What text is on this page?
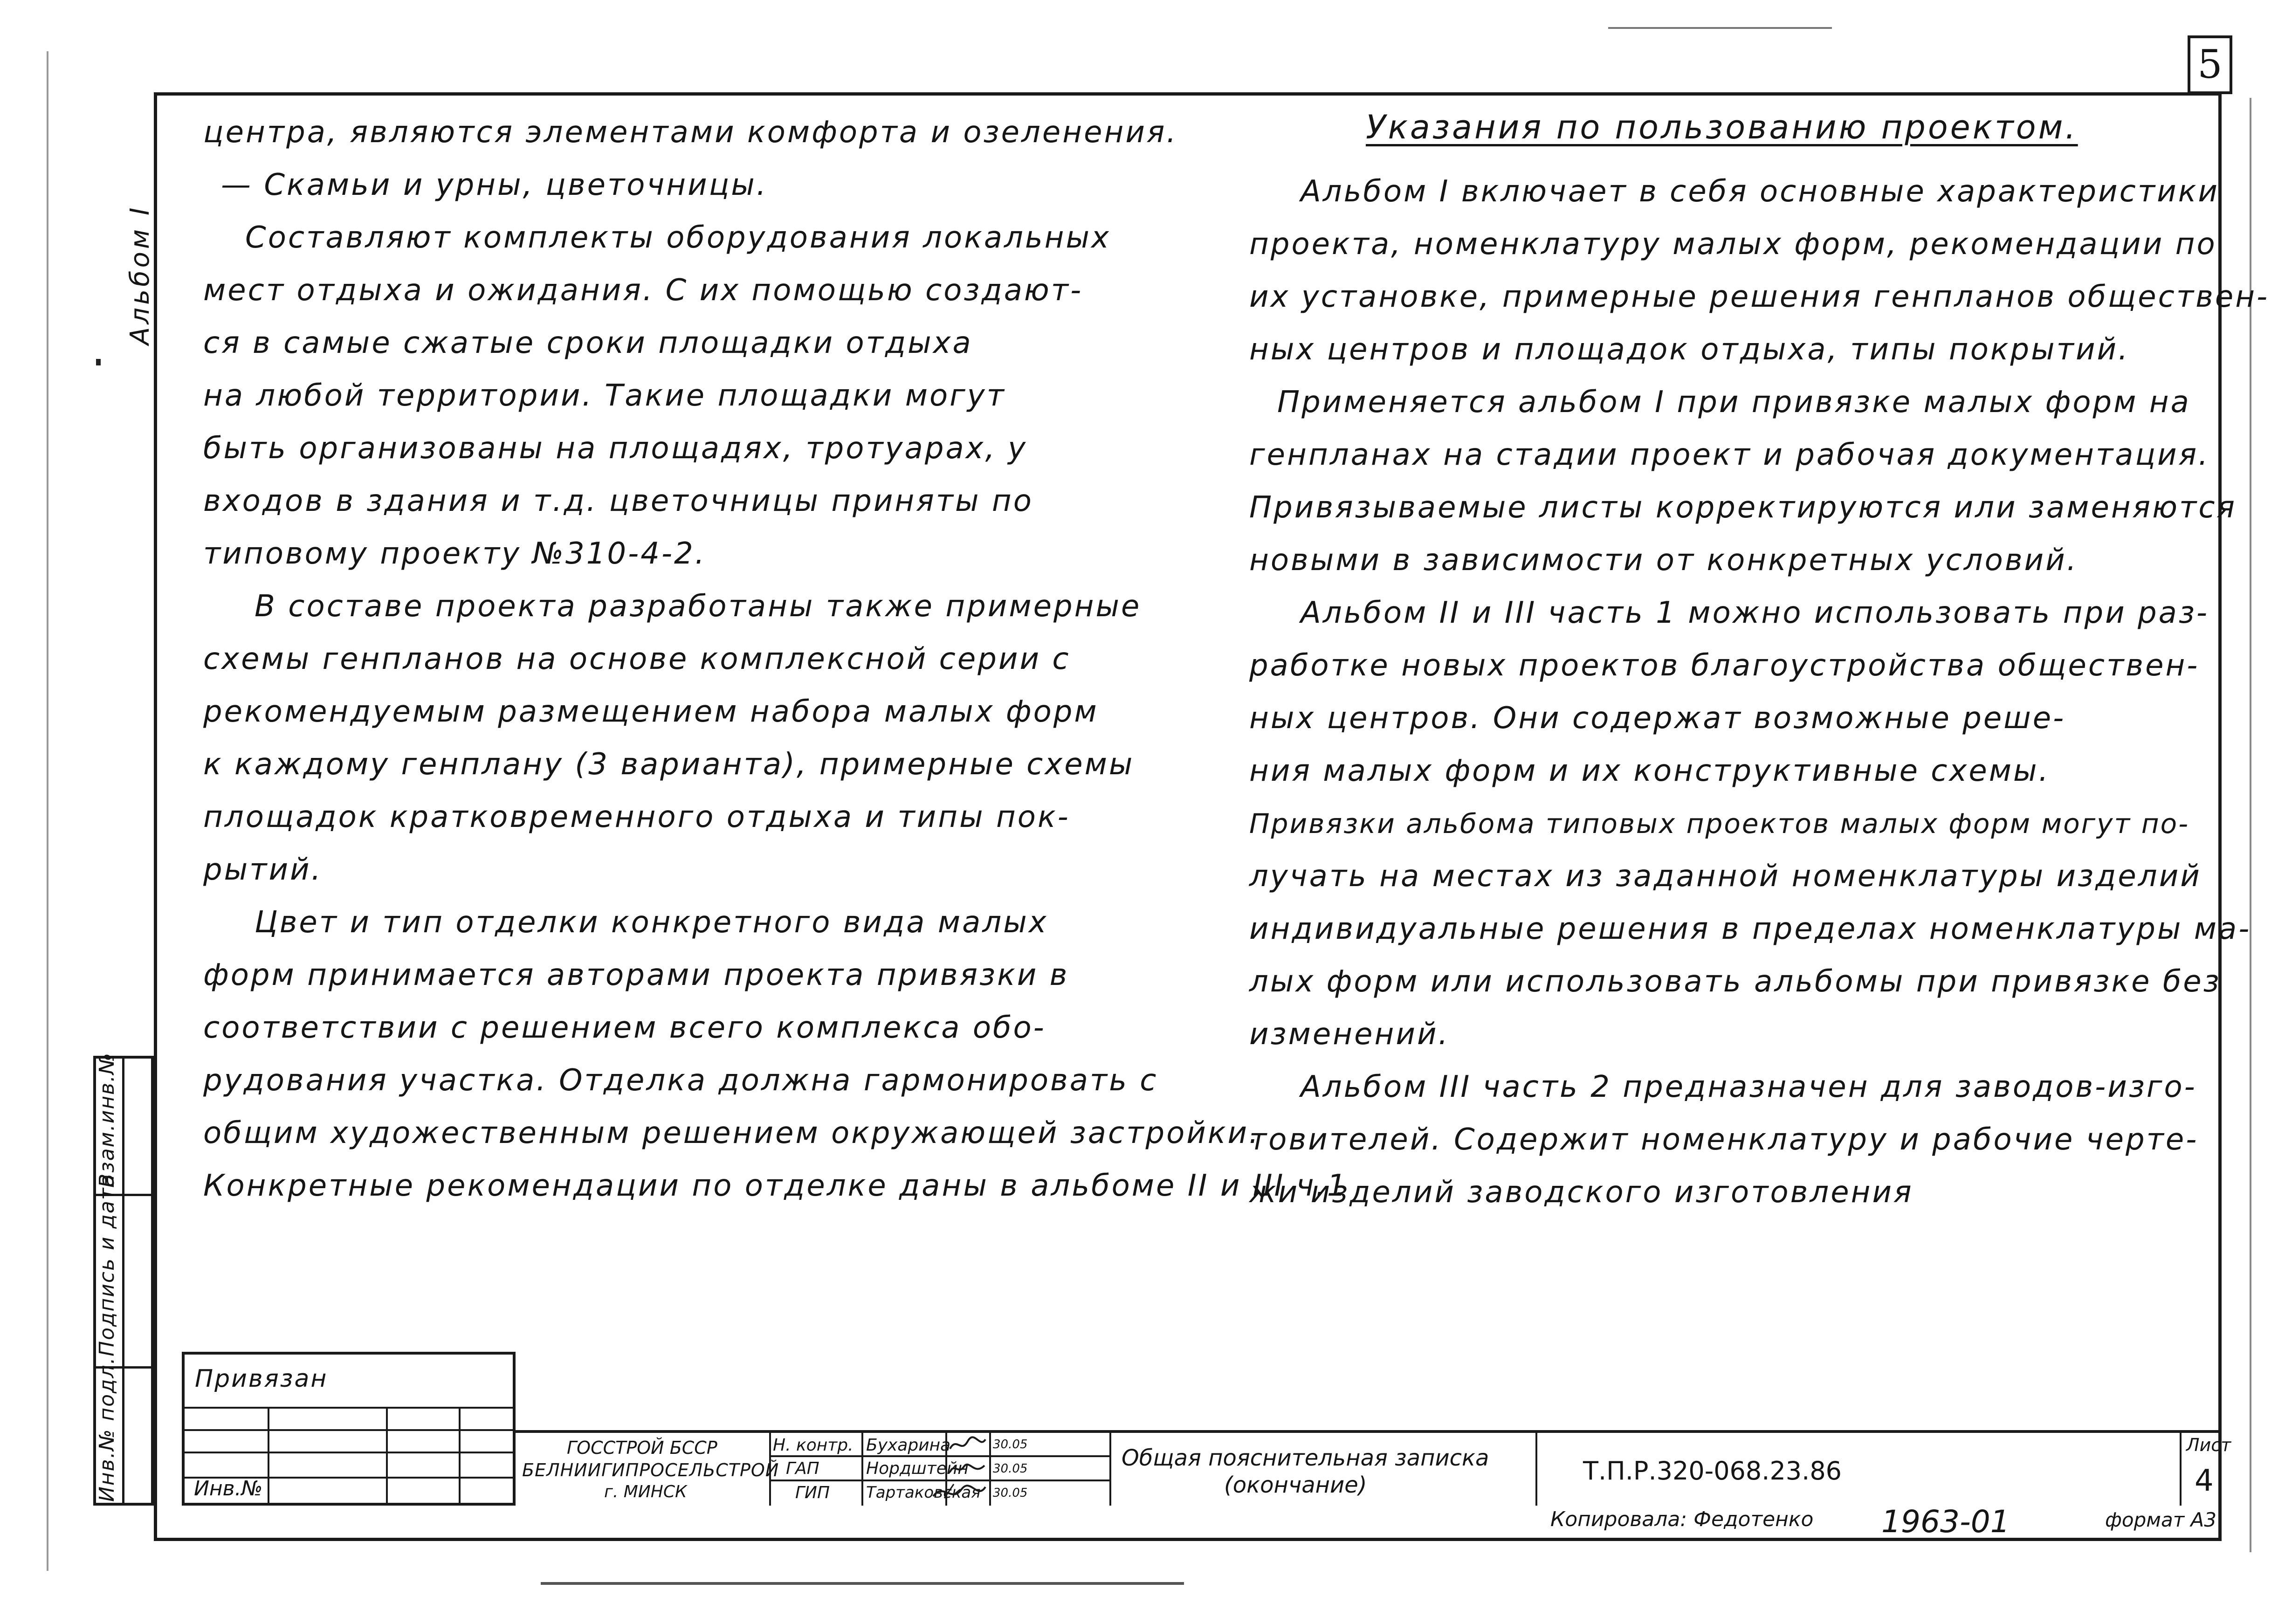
5
Альбом I
Инв.№ подл.
Подпись и дата
Взам.инв.№

центра, являются элементами комфорта и озеленения.

— Скамьи и урны, цветочницы.

Составляют комплекты оборудования локальных

мест отдыха и ожидания. С их помощью создают-

ся в самые сжатые сроки площадки отдыха

на любой территории. Такие площадки могут

быть организованы на площадях, тротуарах, у

входов в здания и т.д. цветочницы приняты по

типовому проекту №310-4-2.

В составе проекта разработаны также примерные

схемы генпланов на основе комплексной серии с

рекомендуемым размещением набора малых форм

к каждому генплану (3 варианта), примерные схемы

площадок кратковременного отдыха и типы пок-

рытий.

Цвет и тип отделки конкретного вида малых

форм принимается авторами проекта привязки в

соответствии с решением всего комплекса обо-

рудования участка. Отделка должна гармонировать с

общим художественным решением окружающей застройки.

Конкретные рекомендации по отделке даны в альбоме II и III ч.1

Указания по пользованию проектом.

Альбом I включает в себя основные характеристики

проекта, номенклатуру малых форм, рекомендации по

их установке, примерные решения генпланов обществен-

ных центров и площадок отдыха, типы покрытий.

Применяется альбом I при привязке малых форм на

генпланах на стадии проект и рабочая документация.

Привязываемые листы корректируются или заменяются

новыми в зависимости от конкретных условий.

Альбом II и III часть 1 можно использовать при раз-

работке новых проектов благоустройства обществен-

ных центров. Они содержат возможные реше-

ния малых форм и их конструктивные схемы.

Привязки альбома типовых проектов малых форм могут по-

лучать на местах из заданной номенклатуры изделий

индивидуальные решения в пределах номенклатуры ма-

лых форм или использовать альбомы при привязке без

изменений.

Альбом III часть 2 предназначен для заводов-изго-

товителей. Содержит номенклатуру и рабочие черте-

жи изделий заводского изготовления

Привязан
Инв.№
ГОССТРОЙ БССР
БЕЛНИИГИПРОСЕЛЬСТРОЙ
г. МИНСК
Н. контр. Бухарина	30.05
ГАП	Нордштейн 30.05
ГИП Тартаковская 30.05
Общая пояснительная записка
(окончание)	Т.П.Р.320-068.23.86
Лист
4
Копировала: Федотенко 1963-01	формат А3
